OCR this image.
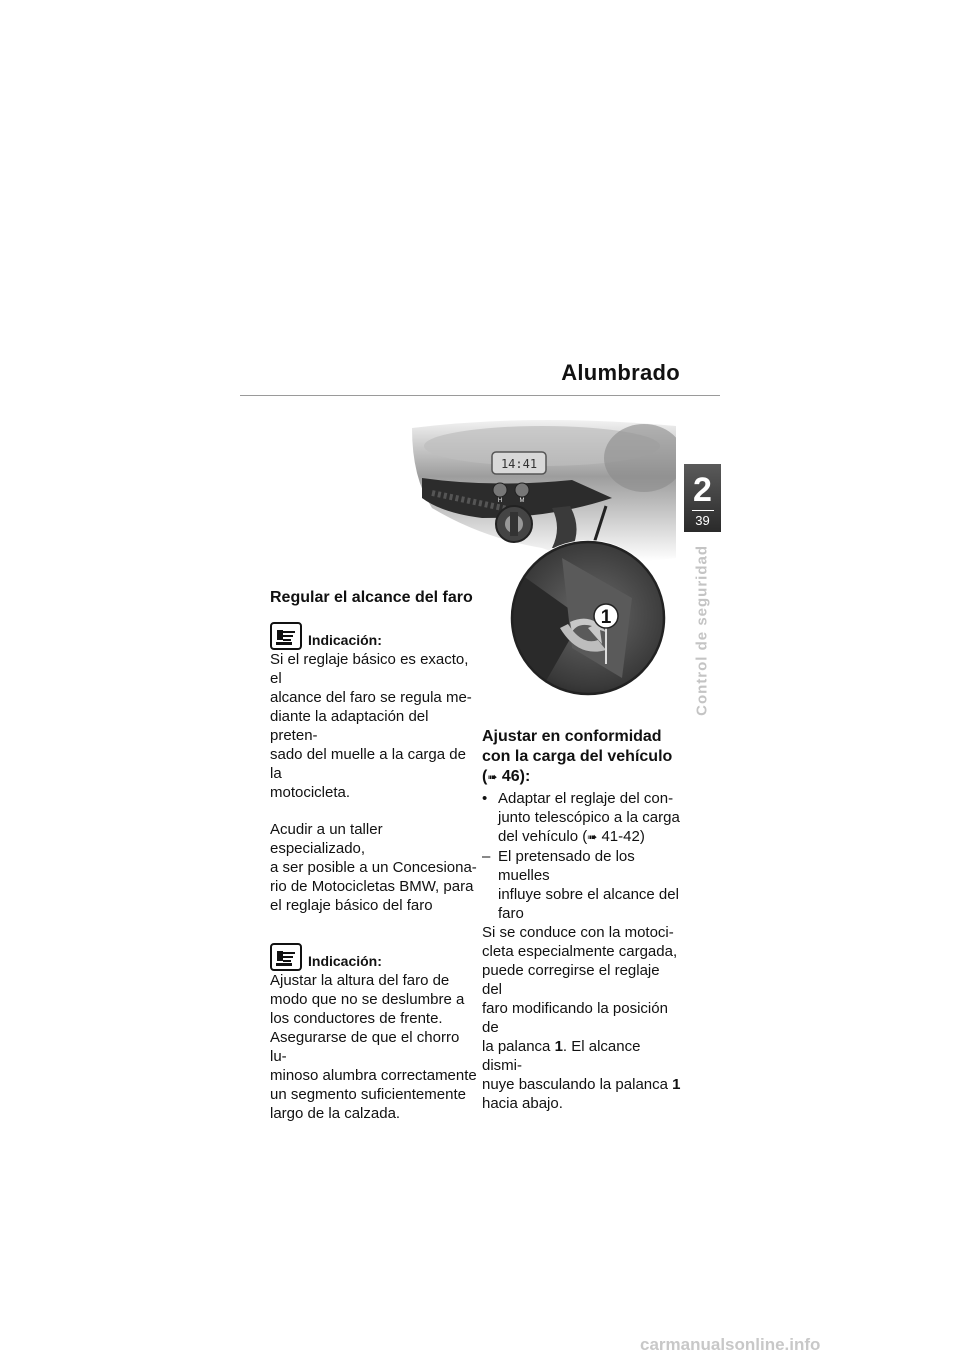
Alumbrado
2
39
Control de seguridad
14:41
H	M
1
Regular el alcance del faro
Indicación:

Si el reglaje básico es exacto, el

alcance del faro se regula me-

diante la adaptación del preten-

sado del muelle a la carga de la

motocicleta.

Acudir a un taller especializado,

a ser posible a un Concesiona-

rio de Motocicletas BMW, para

el reglaje básico del faro

Indicación:

Ajustar la altura del faro de

modo que no se deslumbre a

los conductores de frente.

Asegurarse de que el chorro lu-

minoso alumbra correctamente

un segmento suficientemente

largo de la calzada.

Ajustar en conformidad
con la carga del vehículo
(➠ 46):
• Adaptar el reglaje del con-
junto telescópico a la carga
del vehículo (➠ 41-42)
– El pretensado de los muelles
influye sobre el alcance del
faro

Si se conduce con la motoci-

cleta especialmente cargada,

puede corregirse el reglaje del

faro modificando la posición de

la palanca 1. El alcance dismi-

nuye basculando la palanca 1

hacia abajo.

carmanualsonline.info
